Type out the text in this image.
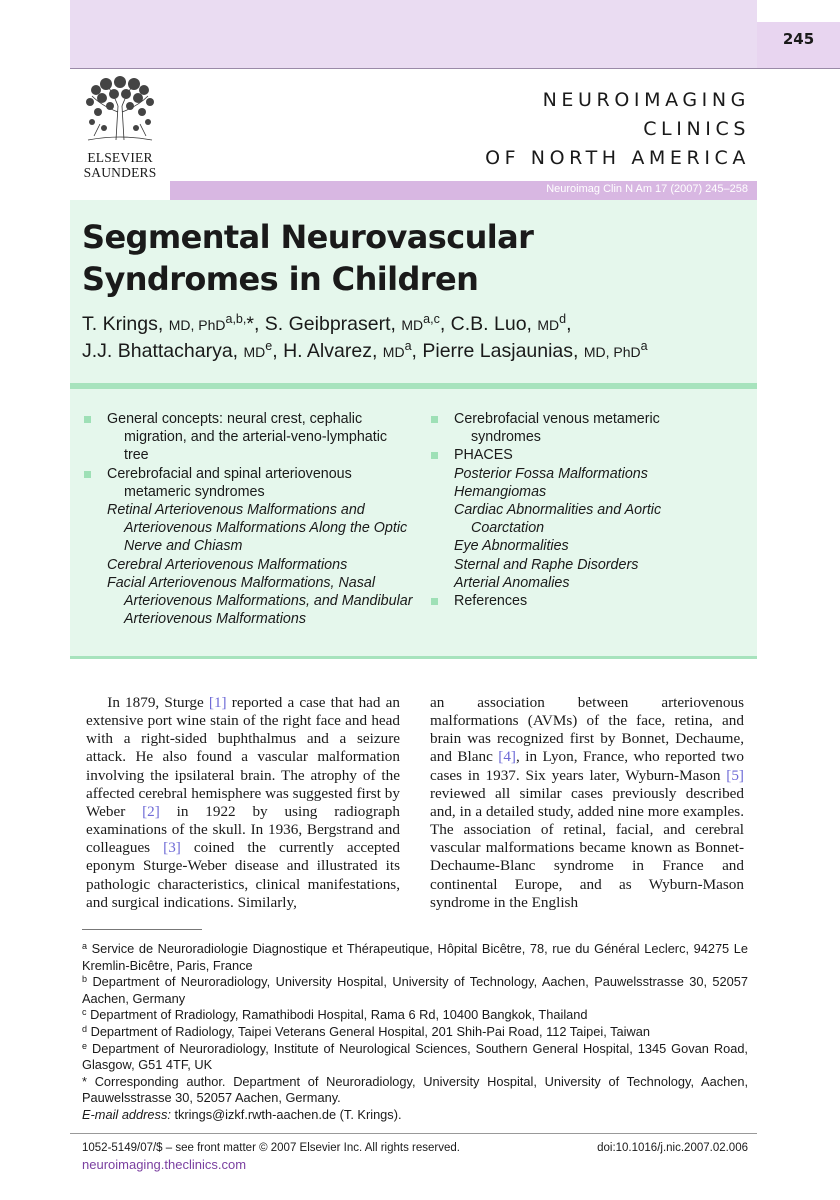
245
ELSEVIER
SAUNDERS
NEUROIMAGING
CLINICS
OF NORTH AMERICA
Neuroimag Clin N Am 17 (2007) 245–258
Segmental Neurovascular
Syndromes in Children
T. Krings, MD, PhD$^{a,b,}$*, S. Geibprasert, MD$^{a,c}$, C.B. Luo, $MD^d$,
J.J. Bhattacharya, MDe, H. Alvarez, $MD^a$, Pierre Lasjaunias, MD, PhD$^a$
General concepts: neural crest, cephalic migration, and the arterial-veno-lymphatic tree
Cerebrofacial and spinal arteriovenous metameric syndromes
Retinal Arteriovenous Malformations and Arteriovenous Malformations Along the Optic Nerve and Chiasm
Cerebral Arteriovenous Malformations
Facial Arteriovenous Malformations, Nasal Arteriovenous Malformations, and Mandibular Arteriovenous Malformations
Cerebrofacial venous metameric syndromes
PHACES
Posterior Fossa Malformations
Hemangiomas
Cardiac Abnormalities and Aortic Coarctation
Eye Abnormalities
Sternal and Raphe Disorders
Arterial Anomalies
References

In 1879, Sturge [1] reported a case that had an extensive port wine stain of the right face and head with a right-sided buphthalmus and a seizure attack. He also found a vascular malformation involving the ipsilateral brain. The atrophy of the affected cerebral hemisphere was suggested first by Weber [2] in 1922 by using radiograph examinations of the skull. In 1936, Bergstrand and colleagues [3] coined the currently accepted eponym Sturge-Weber disease and illustrated its pathologic characteristics, clinical manifestations, and surgical indications. Similarly,

an association between arteriovenous malformations (AVMs) of the face, retina, and brain was recognized first by Bonnet, Dechaume, and Blanc [4], in Lyon, France, who reported two cases in 1937. Six years later, Wyburn-Mason [5] reviewed all similar cases previously described and, in a detailed study, added nine more examples. The association of retinal, facial, and cerebral vascular malformations became known as Bonnet-Dechaume-Blanc syndrome in France and continental Europe, and as Wyburn-Mason syndrome in the English

$^a$ Service de Neuroradiologie Diagnostique et Thérapeutique, Hôpital Bicêtre, 78, rue du Général Leclerc, 94275 Le Kremlin-Bicêtre, Paris, France

$^b$ Department of Neuroradiology, University Hospital, University of Technology, Aachen, Pauwelsstrasse 30, 52057 Aachen, Germany

$^c$ Department of Rradiology, Ramathibodi Hospital, Rama 6 Rd, 10400 Bangkok, Thailand

$^d$ Department of Radiology, Taipei Veterans General Hospital, 201 Shih-Pai Road, 112 Taipei, Taiwan

$^e$ Department of Neuroradiology, Institute of Neurological Sciences, Southern General Hospital, 1345 Govan Road, Glasgow, G51 4TF, UK

* Corresponding author. Department of Neuroradiology, University Hospital, University of Technology, Aachen, Pauwelsstrasse 30, 52057 Aachen, Germany.

E-mail address: tkrings@izkf.rwth-aachen.de (T. Krings).

1052-5149/07/$ – see front matter © 2007 Elsevier Inc. All rights reserved.	doi:10.1016/j.nic.2007.02.006
neuroimaging.theclinics.com
